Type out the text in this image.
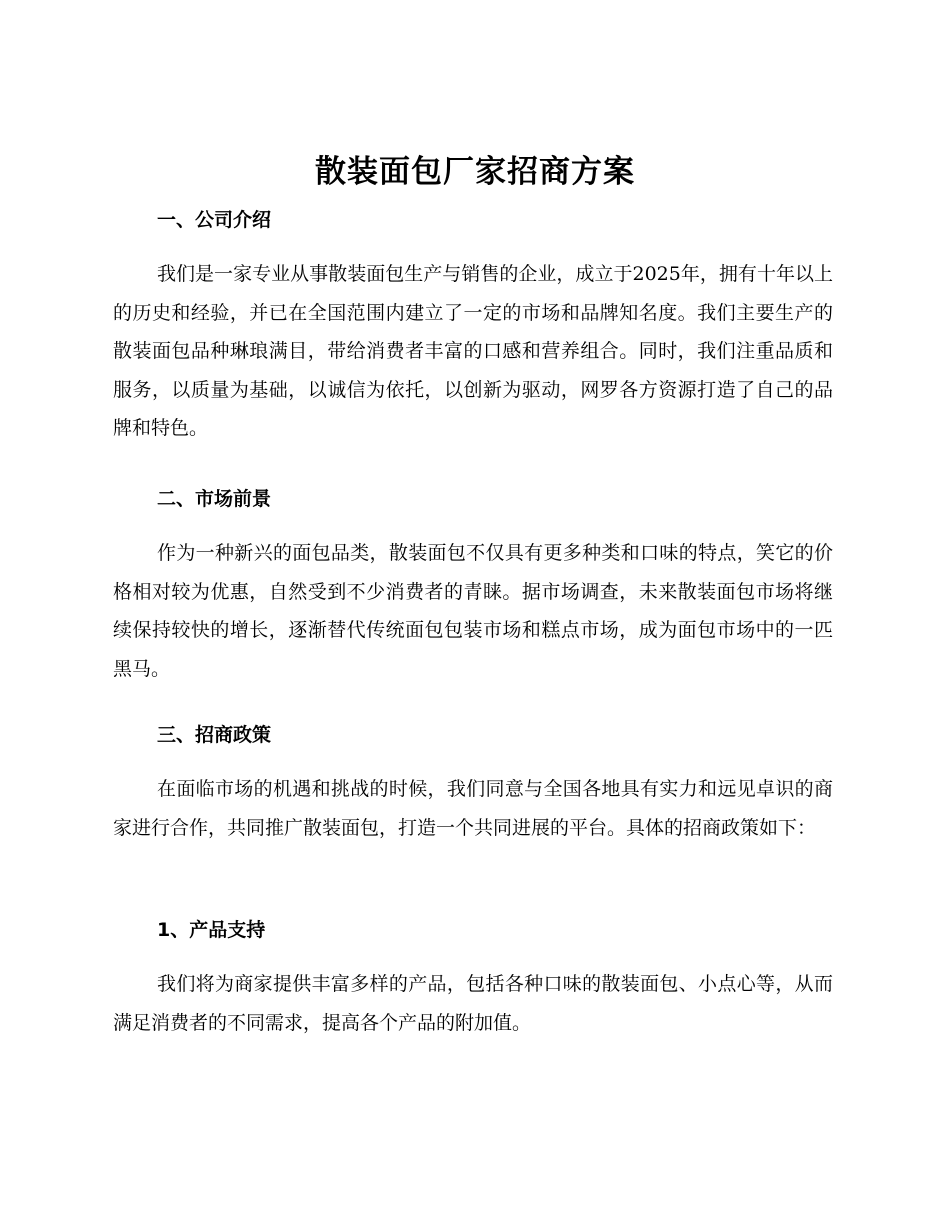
散装面包厂家招商方案
一、公司介绍
我们是一家专业从事散装面包生产与销售的企业，成立于2025年，拥有十年以上的历史和经验，并已在全国范围内建立了一定的市场和品牌知名度。我们主要生产的散装面包品种琳琅满目，带给消费者丰富的口感和营养组合。同时，我们注重品质和服务，以质量为基础，以诚信为依托，以创新为驱动，网罗各方资源打造了自己的品牌和特色。
二、市场前景
作为一种新兴的面包品类，散装面包不仅具有更多种类和口味的特点，笑它的价格相对较为优惠，自然受到不少消费者的青睐。据市场调查，未来散装面包市场将继续保持较快的增长，逐渐替代传统面包包装市场和糕点市场，成为面包市场中的一匹黑马。
三、招商政策
在面临市场的机遇和挑战的时候，我们同意与全国各地具有实力和远见卓识的商家进行合作，共同推广散装面包，打造一个共同进展的平台。具体的招商政策如下：
1、产品支持
我们将为商家提供丰富多样的产品，包括各种口味的散装面包、小点心等，从而满足消费者的不同需求，提高各个产品的附加值。
